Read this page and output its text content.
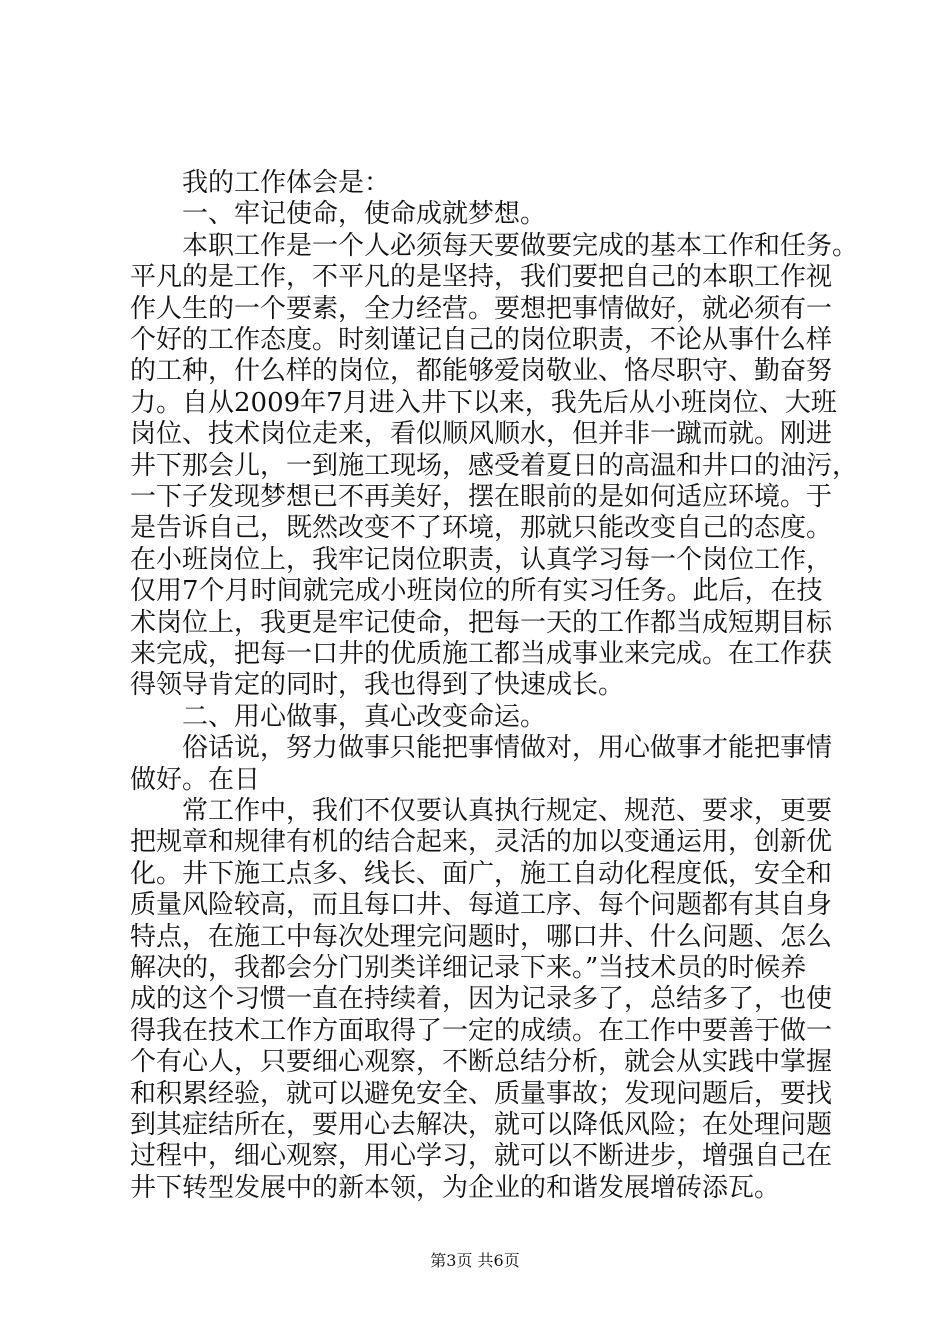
我的工作体会是：
一、牢记使命，使命成就梦想。
本职工作是一个人必须每天要做要完成的基本工作和任务。
平凡的是工作，不平凡的是坚持，我们要把自己的本职工作视
作人生的一个要素，全力经营。要想把事情做好，就必须有一
个好的工作态度。时刻谨记自己的岗位职责，不论从事什么样
的工种，什么样的岗位，都能够爱岗敬业、恪尽职守、勤奋努
力。自从2009年7月进入井下以来，我先后从小班岗位、大班
岗位、技术岗位走来，看似顺风顺水，但并非一蹴而就。刚进
井下那会儿，一到施工现场，感受着夏日的高温和井口的油污，
一下子发现梦想已不再美好，摆在眼前的是如何适应环境。于
是告诉自己，既然改变不了环境，那就只能改变自己的态度。
在小班岗位上，我牢记岗位职责，认真学习每一个岗位工作，
仅用7个月时间就完成小班岗位的所有实习任务。此后，在技
术岗位上，我更是牢记使命，把每一天的工作都当成短期目标
来完成，把每一口井的优质施工都当成事业来完成。在工作获
得领导肯定的同时，我也得到了快速成长。
二、用心做事，真心改变命运。
俗话说，努力做事只能把事情做对，用心做事才能把事情
做好。在日
常工作中，我们不仅要认真执行规定、规范、要求，更要
把规章和规律有机的结合起来，灵活的加以变通运用，创新优
化。井下施工点多、线长、面广，施工自动化程度低，安全和
质量风险较高，而且每口井、每道工序、每个问题都有其自身
特点，在施工中每次处理完问题时，哪口井、什么问题、怎么
解决的，我都会分门别类详细记录下来。”当技术员的时候养
成的这个习惯一直在持续着，因为记录多了，总结多了，也使
得我在技术工作方面取得了一定的成绩。在工作中要善于做一
个有心人，只要细心观察，不断总结分析，就会从实践中掌握
和积累经验，就可以避免安全、质量事故；发现问题后，要找
到其症结所在，要用心去解决，就可以降低风险；在处理问题
过程中，细心观察，用心学习，就可以不断进步，增强自己在
井下转型发展中的新本领，为企业的和谐发展增砖添瓦。
第3页 共6页
